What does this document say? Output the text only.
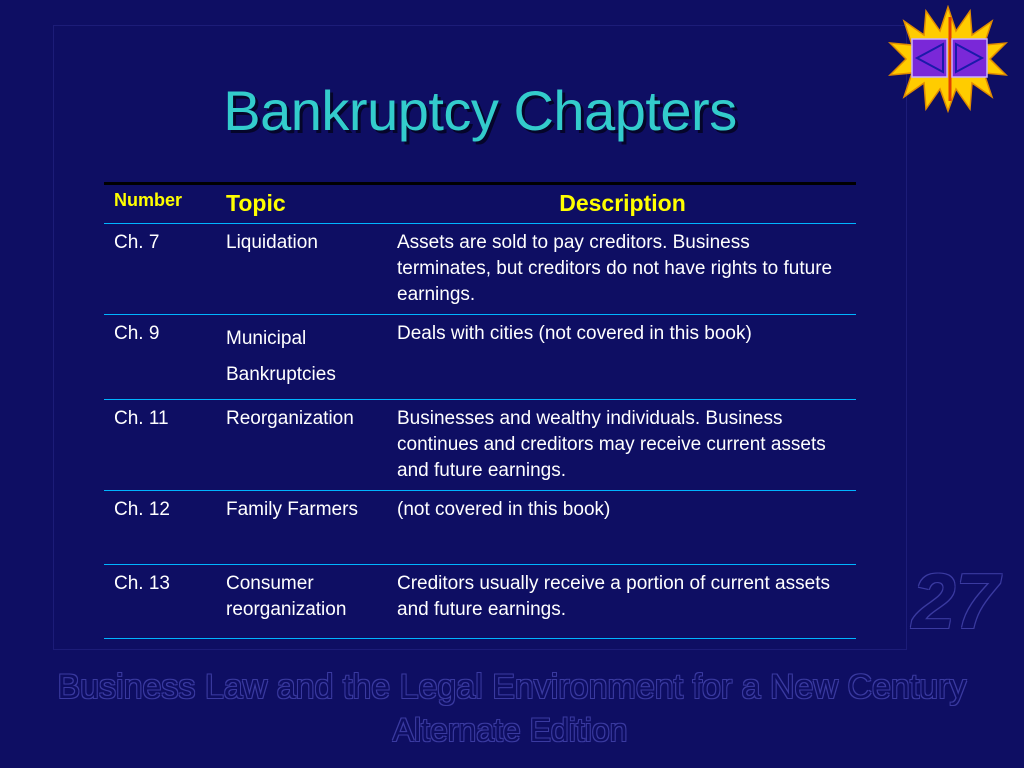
Bankruptcy Chapters
Number	Topic	Description
Ch. 7	Liquidation	Assets are sold to pay creditors. Business terminates, but creditors do not have rights to future earnings.
Ch. 9	Municipal Bankruptcies	Deals with cities (not covered in this book)
Ch. 11	Reorganization	Businesses and wealthy individuals. Business continues and creditors may receive current assets and future earnings.
Ch. 12	Family Farmers	(not covered in this book)
Ch. 13	Consumer reorganization	Creditors usually receive a portion of current assets and future earnings.	27
Business Law and the Legal Environment for a New Century
Alternate Edition
